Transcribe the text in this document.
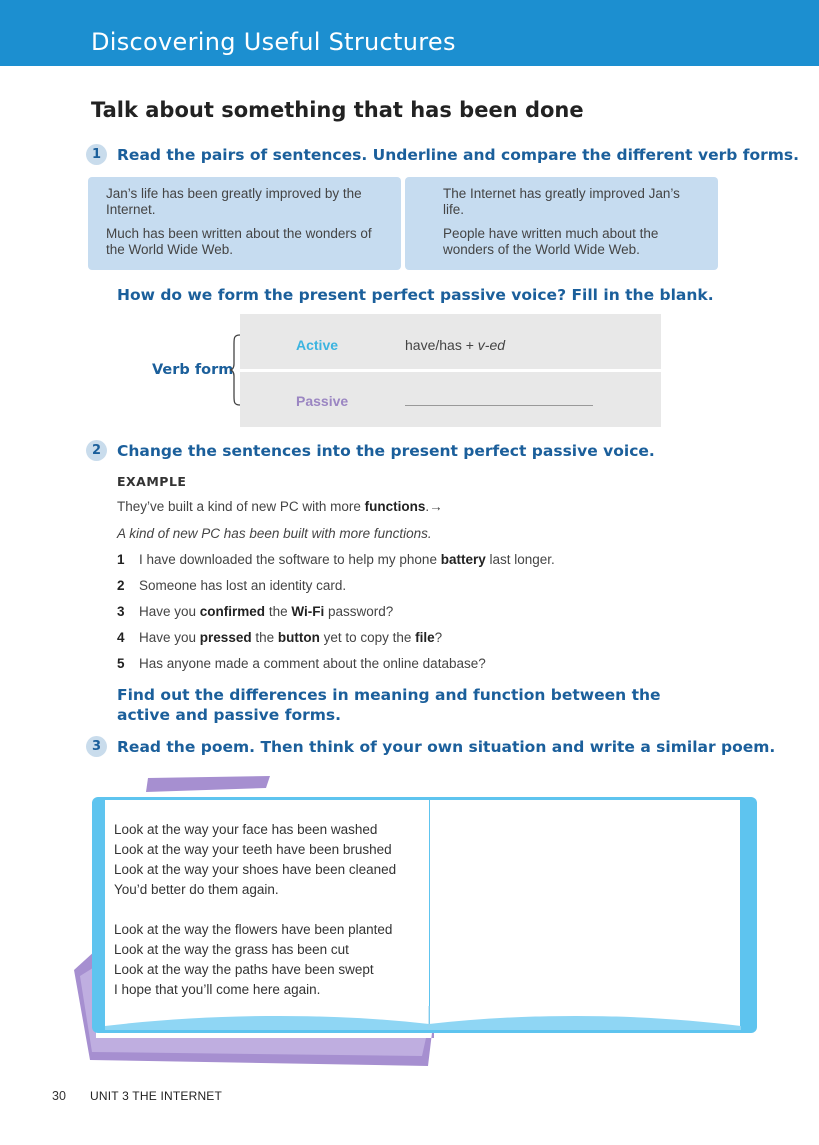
Discovering Useful Structures
Talk about something that has been done
1	Read the pairs of sentences. Underline and compare the different verb forms.

Jan’s life has been greatly improved by the Internet.

Much has been written about the wonders of the World Wide Web.

The Internet has greatly improved Jan’s life.

People have written much about the wonders of the World Wide Web.

How do we form the present perfect passive voice? Fill in the blank.
Verb form
Active	have/has + v-ed
Passive
2	Change the sentences into the present perfect passive voice.
EXAMPLE
They’ve built a kind of new PC with more functions.→
A kind of new PC has been built with more functions.
1 I have downloaded the software to help my phone battery last longer.
2 Someone has lost an identity card.
3 Have you confirmed the Wi-Fi password?
4 Have you pressed the button yet to copy the file?
5 Has anyone made a comment about the online database?
Find out the differences in meaning and function between the active and passive forms.
3	Read the poem. Then think of your own situation and write a similar poem.
Look at the way your face has been washed
Look at the way your teeth have been brushed
Look at the way your shoes have been cleaned
You’d better do them again.

Look at the way the flowers have been planted
Look at the way the grass has been cut
Look at the way the paths have been swept
I hope that you’ll come here again.
30 UNIT 3 THE INTERNET
